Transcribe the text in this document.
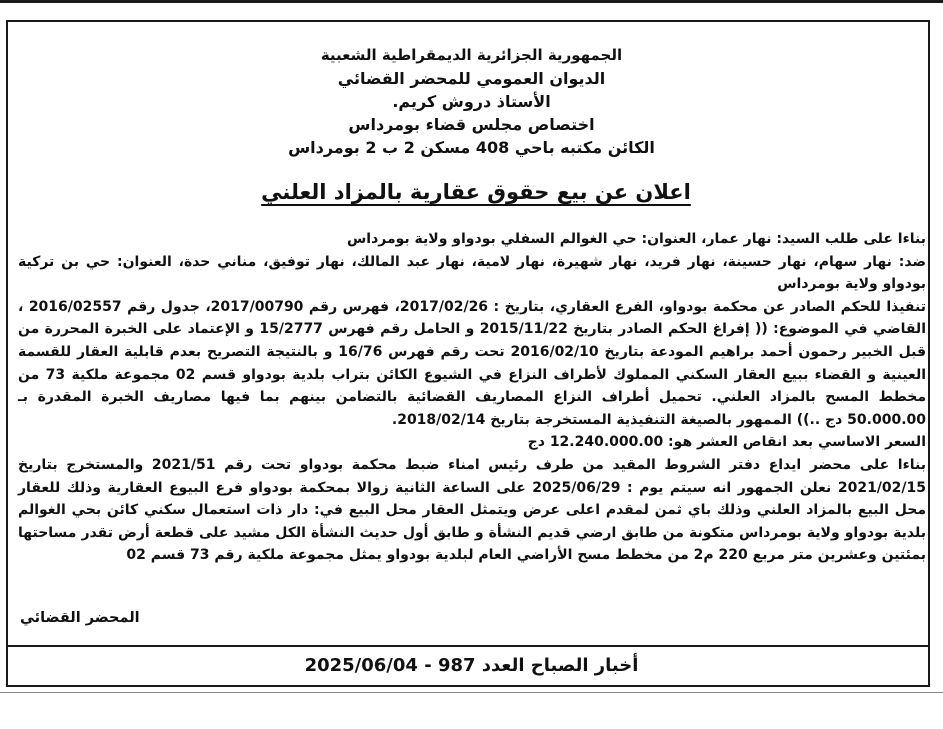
الجمهورية الجزائرية الديمقراطية الشعبية
الديوان العمومي للمحضر القضائي
الأستاذ دروش كريم.
اختصاص مجلس قضاء بومرداس
الكائن مكتبه باحي 408 مسكن 2 ب 2 بومرداس
اعلان عن بيع حقوق عقارية بالمزاد العلني

بناءا على طلب السيد: نهار عمار، العنوان: حي الغوالم السفلي بودواو ولاية بومرداس

ضد: نهار سهام، نهار حسينة، نهار فريد، نهار شهيرة، نهار لامية، نهار عبد المالك، نهار توفيق، مناني حدة، العنوان: حي بن تركية بودواو ولاية بومرداس

تنفيذا للحكم الصادر عن محكمة بودواو، الفرع العقاري، بتاريخ : 2017/02/26، فهرس رقم 2017/00790، جدول رقم 2016/02557 ، القاضي في الموضوع: (( إفراغ الحكم الصادر بتاريخ 2015/11/22 و الحامل رقم فهرس 15/2777 و الإعتماد على الخبرة المحررة من قبل الخبير رحمون أحمد براهيم المودعة بتاريخ 2016/02/10 تحت رقم فهرس 16/76 و بالنتيجة التصريح بعدم قابلية العقار للقسمة العينية و القضاء ببيع العقار السكني المملوك لأطراف النزاع في الشيوع الكائن بتراب بلدية بودواو قسم 02 مجموعة ملكية 73 من مخطط المسح بالمزاد العلني. تحميل أطراف النزاع المصاريف القضائية بالتضامن بينهم بما فيها مصاريف الخبرة المقدرة بـ 50.000.00 دج ..)) الممهور بالصيغة التنفيذية المستخرجة بتاريخ 2018/02/14.

السعر الاساسي بعد انقاص العشر هو: 12.240.000.00 دج

بناءا على محضر ايداع دفتر الشروط المقيد من طرف رئيس امناء ضبط محكمة بودواو تحت رقم 2021/51 والمستخرج بتاريخ 2021/02/15 نعلن الجمهور انه سيتم يوم : 2025/06/29 على الساعة الثانية زوالا بمحكمة بودواو فرع البيوع العقارية وذلك للعقار محل البيع بالمزاد العلني وذلك باي ثمن لمقدم اعلى عرض ويتمثل العقار محل البيع في: دار ذات استعمال سكني كائن بحي الغوالم بلدية بودواو ولاية بومرداس متكونة من طابق ارضي قديم النشأة و طابق أول حديث النشأة الكل مشيد على قطعة أرض تقدر مساحتها بمئتين وعشرين متر مربع 220 م2 من مخطط مسح الأراضي العام لبلدية بودواو يمثل مجموعة ملكية رقم 73 قسم 02

المحضر القضائي
أخبار الصباح العدد 987 - 2025/06/04
